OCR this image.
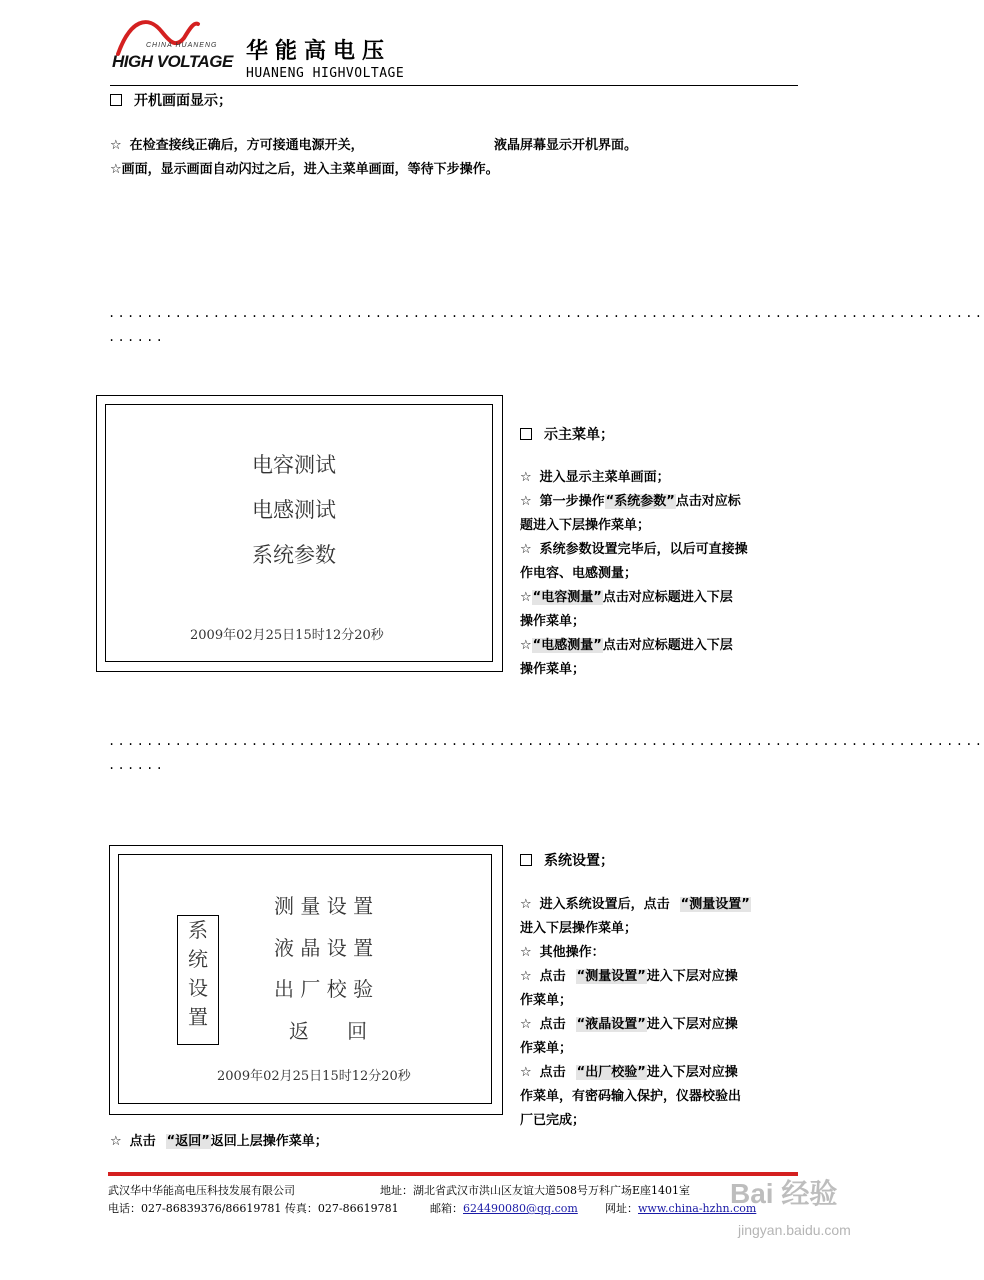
CHINA HUANENG
HIGH VOLTAGE 华能高电压
HUANENG HIGHVOLTAGE
开机画面显示；
☆ 在检查接线正确后，方可接通电源开关，	液晶屏幕显示开机界面。
☆画面，显示画面自动闪过之后，进入主菜单画面，等待下步操作。
............................................................................................
......
电容测试
电感测试
系统参数
2009年02月25日15时12分20秒
示主菜单；
☆ 进入显示主菜单画面；
☆ 第一步操作“系统参数”点击对应标
题进入下层操作菜单；
☆ 系统参数设置完毕后，以后可直接操
作电容、电感测量；
☆“电容测量”点击对应标题进入下层
操作菜单；
☆“电感测量”点击对应标题进入下层
操作菜单；
............................................................................................
......
系
统
设
置
测 量 设 置
液 晶 设 置
出 厂 校 验
返      回
2009年02月25日15时12分20秒
系统设置；
☆ 进入系统设置后，点击 “测量设置”
进入下层操作菜单；
☆ 其他操作：
☆ 点击 “测量设置”进入下层对应操
作菜单；
☆ 点击 “液晶设置”进入下层对应操
作菜单；
☆ 点击 “出厂校验”进入下层对应操
作菜单，有密码输入保护，仪器校验出
厂已完成；
☆ 点击 “返回”返回上层操作菜单；
武汉华中华能高电压科技发展有限公司	地址：湖北省武汉市洪山区友谊大道508号万科广场E座1401室
电话：027-86839376/86619781 传真：027-86619781	邮箱：624490080@qq.com 网址：www.china-hzhn.com
Bai 经验
jingyan.baidu.com
